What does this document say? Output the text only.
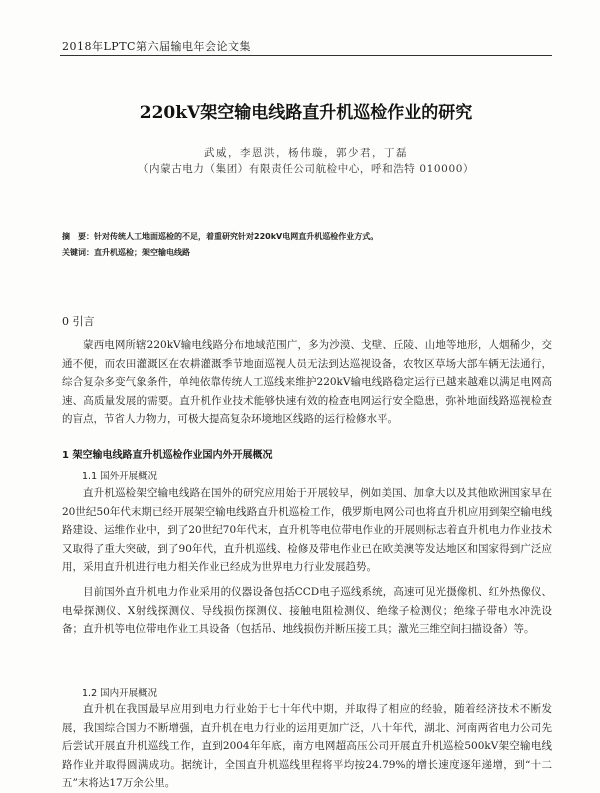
2018年LPTC第六届输电年会论文集
220kV架空输电线路直升机巡检作业的研究
武威，李恩洪，杨伟璇，郭少君，丁磊
（内蒙古电力（集团）有限责任公司航检中心，呼和浩特 010000）
摘　要：针对传统人工地面巡检的不足，着重研究针对220kV电网直升机巡检作业方式。
关键词：直升机巡检；架空输电线路
0 引言

蒙西电网所辖220kV输电线路分布地域范围广，多为沙漠、戈壁、丘陵、山地等地形，人烟稀少，交通不便，而农田灌溉区在农耕灌溉季节地面巡视人员无法到达巡视设备，农牧区草场大部车辆无法通行，综合复杂多变气象条件，单纯依靠传统人工巡线来维护220kV输电线路稳定运行已越来越难以满足电网高速、高质量发展的需要。直升机作业技术能够快速有效的检查电网运行安全隐患，弥补地面线路巡视检查的盲点，节省人力物力，可极大提高复杂环境地区线路的运行检修水平。

1 架空输电线路直升机巡检作业国内外开展概况
1.1 国外开展概况

直升机巡检架空输电线路在国外的研究应用始于开展较早，例如美国、加拿大以及其他欧洲国家早在20世纪50年代末期已经开展架空输电线路直升机巡检工作，俄罗斯电网公司也将直升机应用到架空输电线路建设、运维作业中，到了20世纪70年代末，直升机等电位带电作业的开展则标志着直升机电力作业技术又取得了重大突破，到了90年代，直升机巡线、检修及带电作业已在欧美澳等发达地区和国家得到广泛应用，采用直升机进行电力相关作业已经成为世界电力行业发展趋势。

目前国外直升机电力作业采用的仪器设备包括CCD电子巡线系统，高速可见光摄像机、红外热像仪、电晕探测仪、X射线探测仪、导线损伤探测仪、接触电阻检测仪、绝缘子检测仪；绝缘子带电水冲洗设备；直升机等电位带电作业工具设备（包括吊、地线损伤并断压接工具；激光三维空间扫描设备）等。

1.2 国内开展概况

直升机在我国最早应用到电力行业始于七十年代中期，并取得了相应的经验，随着经济技术不断发展，我国综合国力不断增强，直升机在电力行业的运用更加广泛，八十年代，湖北、河南两省电力公司先后尝试开展直升机巡线工作，直到2004年年底，南方电网超高压公司开展直升机巡检500kV架空输电线路作业并取得圆满成功。据统计，全国直升机巡线里程将平均按24.79%的增长速度逐年递增，到“十二五”末将达17万余公里。
